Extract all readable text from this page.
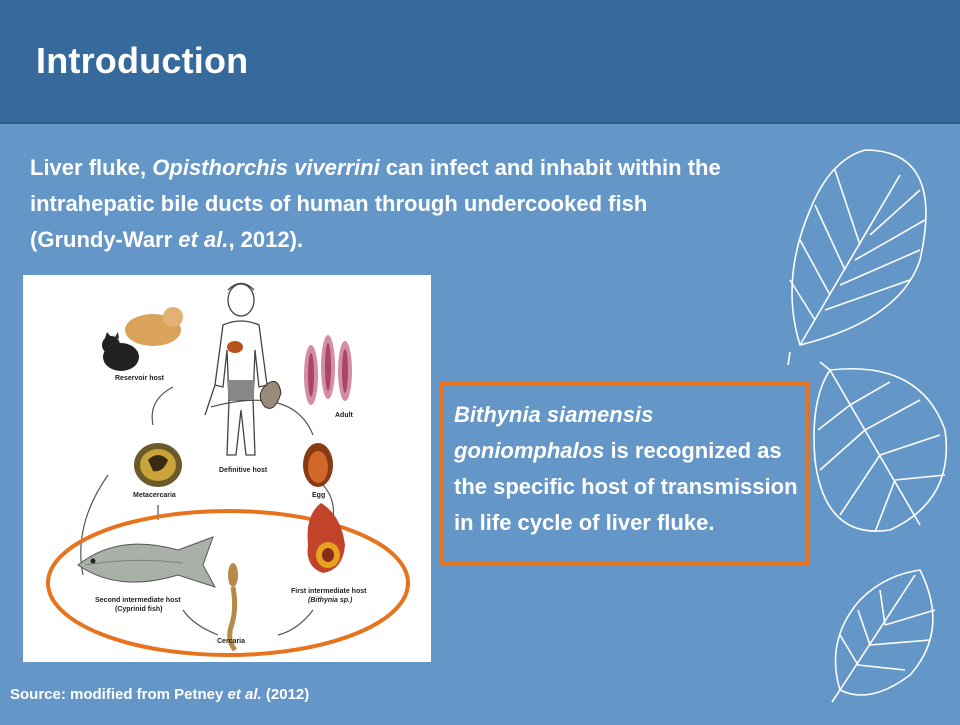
Introduction
Liver fluke, Opisthorchis viverrini can infect and inhabit within the intrahepatic bile ducts of human through undercooked fish (Grundy-Warr et al., 2012).
Reservoir host
Definitive host
Adult
Metacercaria	Egg
Second intermediate host
(Cyprinid fish)
Cercaria
First intermediate host
(Bithynia sp.)
Bithynia siamensis goniomphalos is recognized as the specific host of transmission in life cycle of liver fluke.
Source: modified from Petney et al. (2012)
